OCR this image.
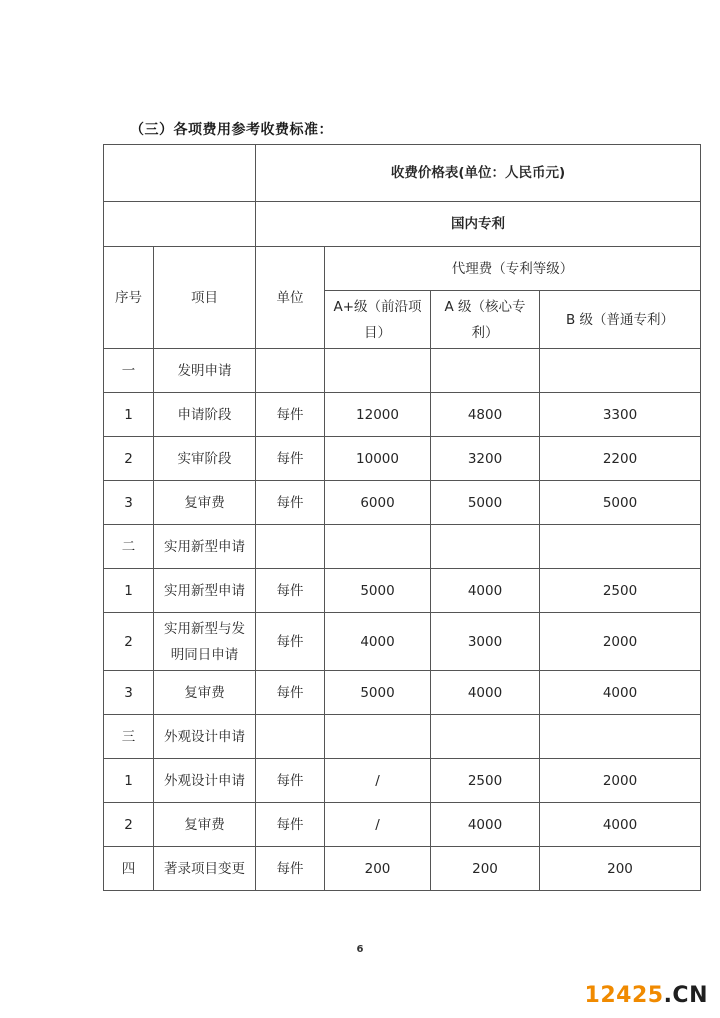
（三）各项费用参考收费标准：
		收费价格表(单位：人民币元)			
		国内专利			
序号	项目	单位	代理费（专利等级）		
			A+级（前沿项目）	A 级（核心专利）	B 级（普通专利）
一	发明申请				
1	申请阶段	每件	12000	4800	3300
2	实审阶段	每件	10000	3200	2200
3	复审费	每件	6000	5000	5000
二	实用新型申请				
1	实用新型申请	每件	5000	4000	2500
2	实用新型与发明同日申请	每件	4000	3000	2000
3	复审费	每件	5000	4000	4000
三	外观设计申请				
1	外观设计申请	每件	/	2500	2000
2	复审费	每件	/	4000	4000
四	著录项目变更	每件	200	200	200
6
12425.CN
